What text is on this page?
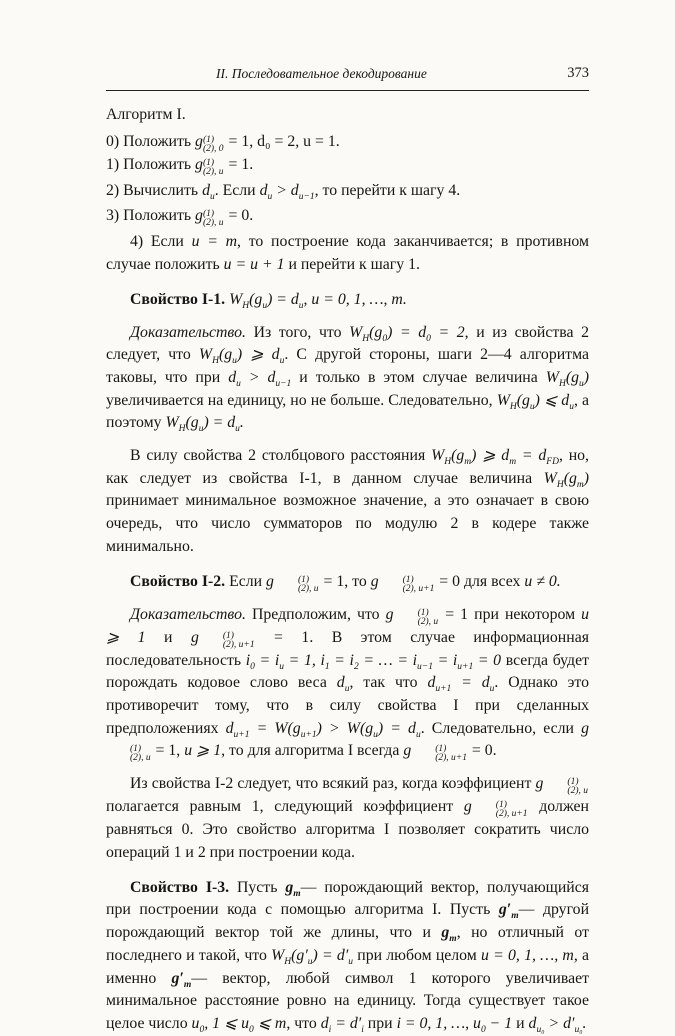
II. Последовательное декодирование	373

Алгоритм I.

0) Положить g (1)
(2), 0 = 1, d₀ = 2, u = 1.

1) Положить g (1)
(2), u = 1.

2) Вычислить $d_u$. Если $d_u > d_{u-1}$, то перейти к шагу 4.

3) Положить g (1)
(2), u = 0.

4) Если u = m, то построение кода заканчивается; в противном случае положить u = u + 1 и перейти к шагу 1.

Свойство I-1. $W_H(g_u) = d_u$, u = 0, 1, …, m.

Доказательство. Из того, что $W_H(g_0) = d_0 = 2$, и из свойства 2 следует, что $W_H(g_u)$ ⩾ $d_u$. С другой стороны, шаги 2—4 алгоритма таковы, что при $d_u > d_{u-1}$ и только в этом случае величина $W_H(g_u)$ увеличивается на единицу, но не больше. Следовательно, $W_H(g_u)$ ⩽ $d_u$, а поэтому $W_H(g_u) = d_u$.

В силу свойства 2 столбцового расстояния $W_H(g_m)$ ⩾ $d_m = d_{FD}$, но, как следует из свойства I-1, в данном случае величина $W_H(g_m)$ принимает минимальное возможное значение, а это означает в свою очередь, что число сумматоров по модулю 2 в кодере также минимально.

Свойство I-2. Если g	(1)
(2), u = 1, то g	(1)
(2), u+1 = 0 для всех u ≠ 0.

Доказательство. Предположим, что g	(1)
(2), u = 1 при некотором u ⩾ 1 и g	(1)
(2), u+1 = 1. В этом случае информационная последовательность $i_0 = i_u = 1$, $i_1 = i_2$ = … = $i_{u-1} = i_{u+1} = 0$ всегда будет порождать кодовое слово веса $d_u$, так что $d_{u+1} = d_u$. Однако это противоречит тому, что в силу свойства I при сделанных предположениях $d_{u+1} = W(g_{u+1}) > W(g_u) = d_u$. Следовательно, если g
(1)
(2), u = 1, u ⩾ 1, то для алгоритма I всегда g	(1)
(2), u+1 = 0.

Из свойства I-2 следует, что всякий раз, когда коэффициент g	(1)
(2), u
полагается равным 1, следующий коэффициент g	(1)
(2), u+1 должен равняться 0. Это свойство алгоритма I позволяет сократить число операций 1 и 2 при построении кода.

Свойство I-3. Пусть $g_m—$ порождающий вектор, получающийся при построении кода с помощью алгоритма I. Пусть $g'_m—$ другой порождающий вектор той же длины, что и $g_m$, но отличный от последнего и такой, что $W_H(g'_u) = d'_u$ при любом целом u = 0, 1, …, m, а именно $g'_m—$ вектор, любой символ 1 которого увеличивает минимальное расстояние ровно на единицу. Тогда существует такое целое число $u_0$, 1 ⩽ $u_0$ ⩽ m, что $d_i = d'_i$ при i = 0, 1, …, $u_0 - 1$ и $d_{u_0} > d'_{u_0}$.
